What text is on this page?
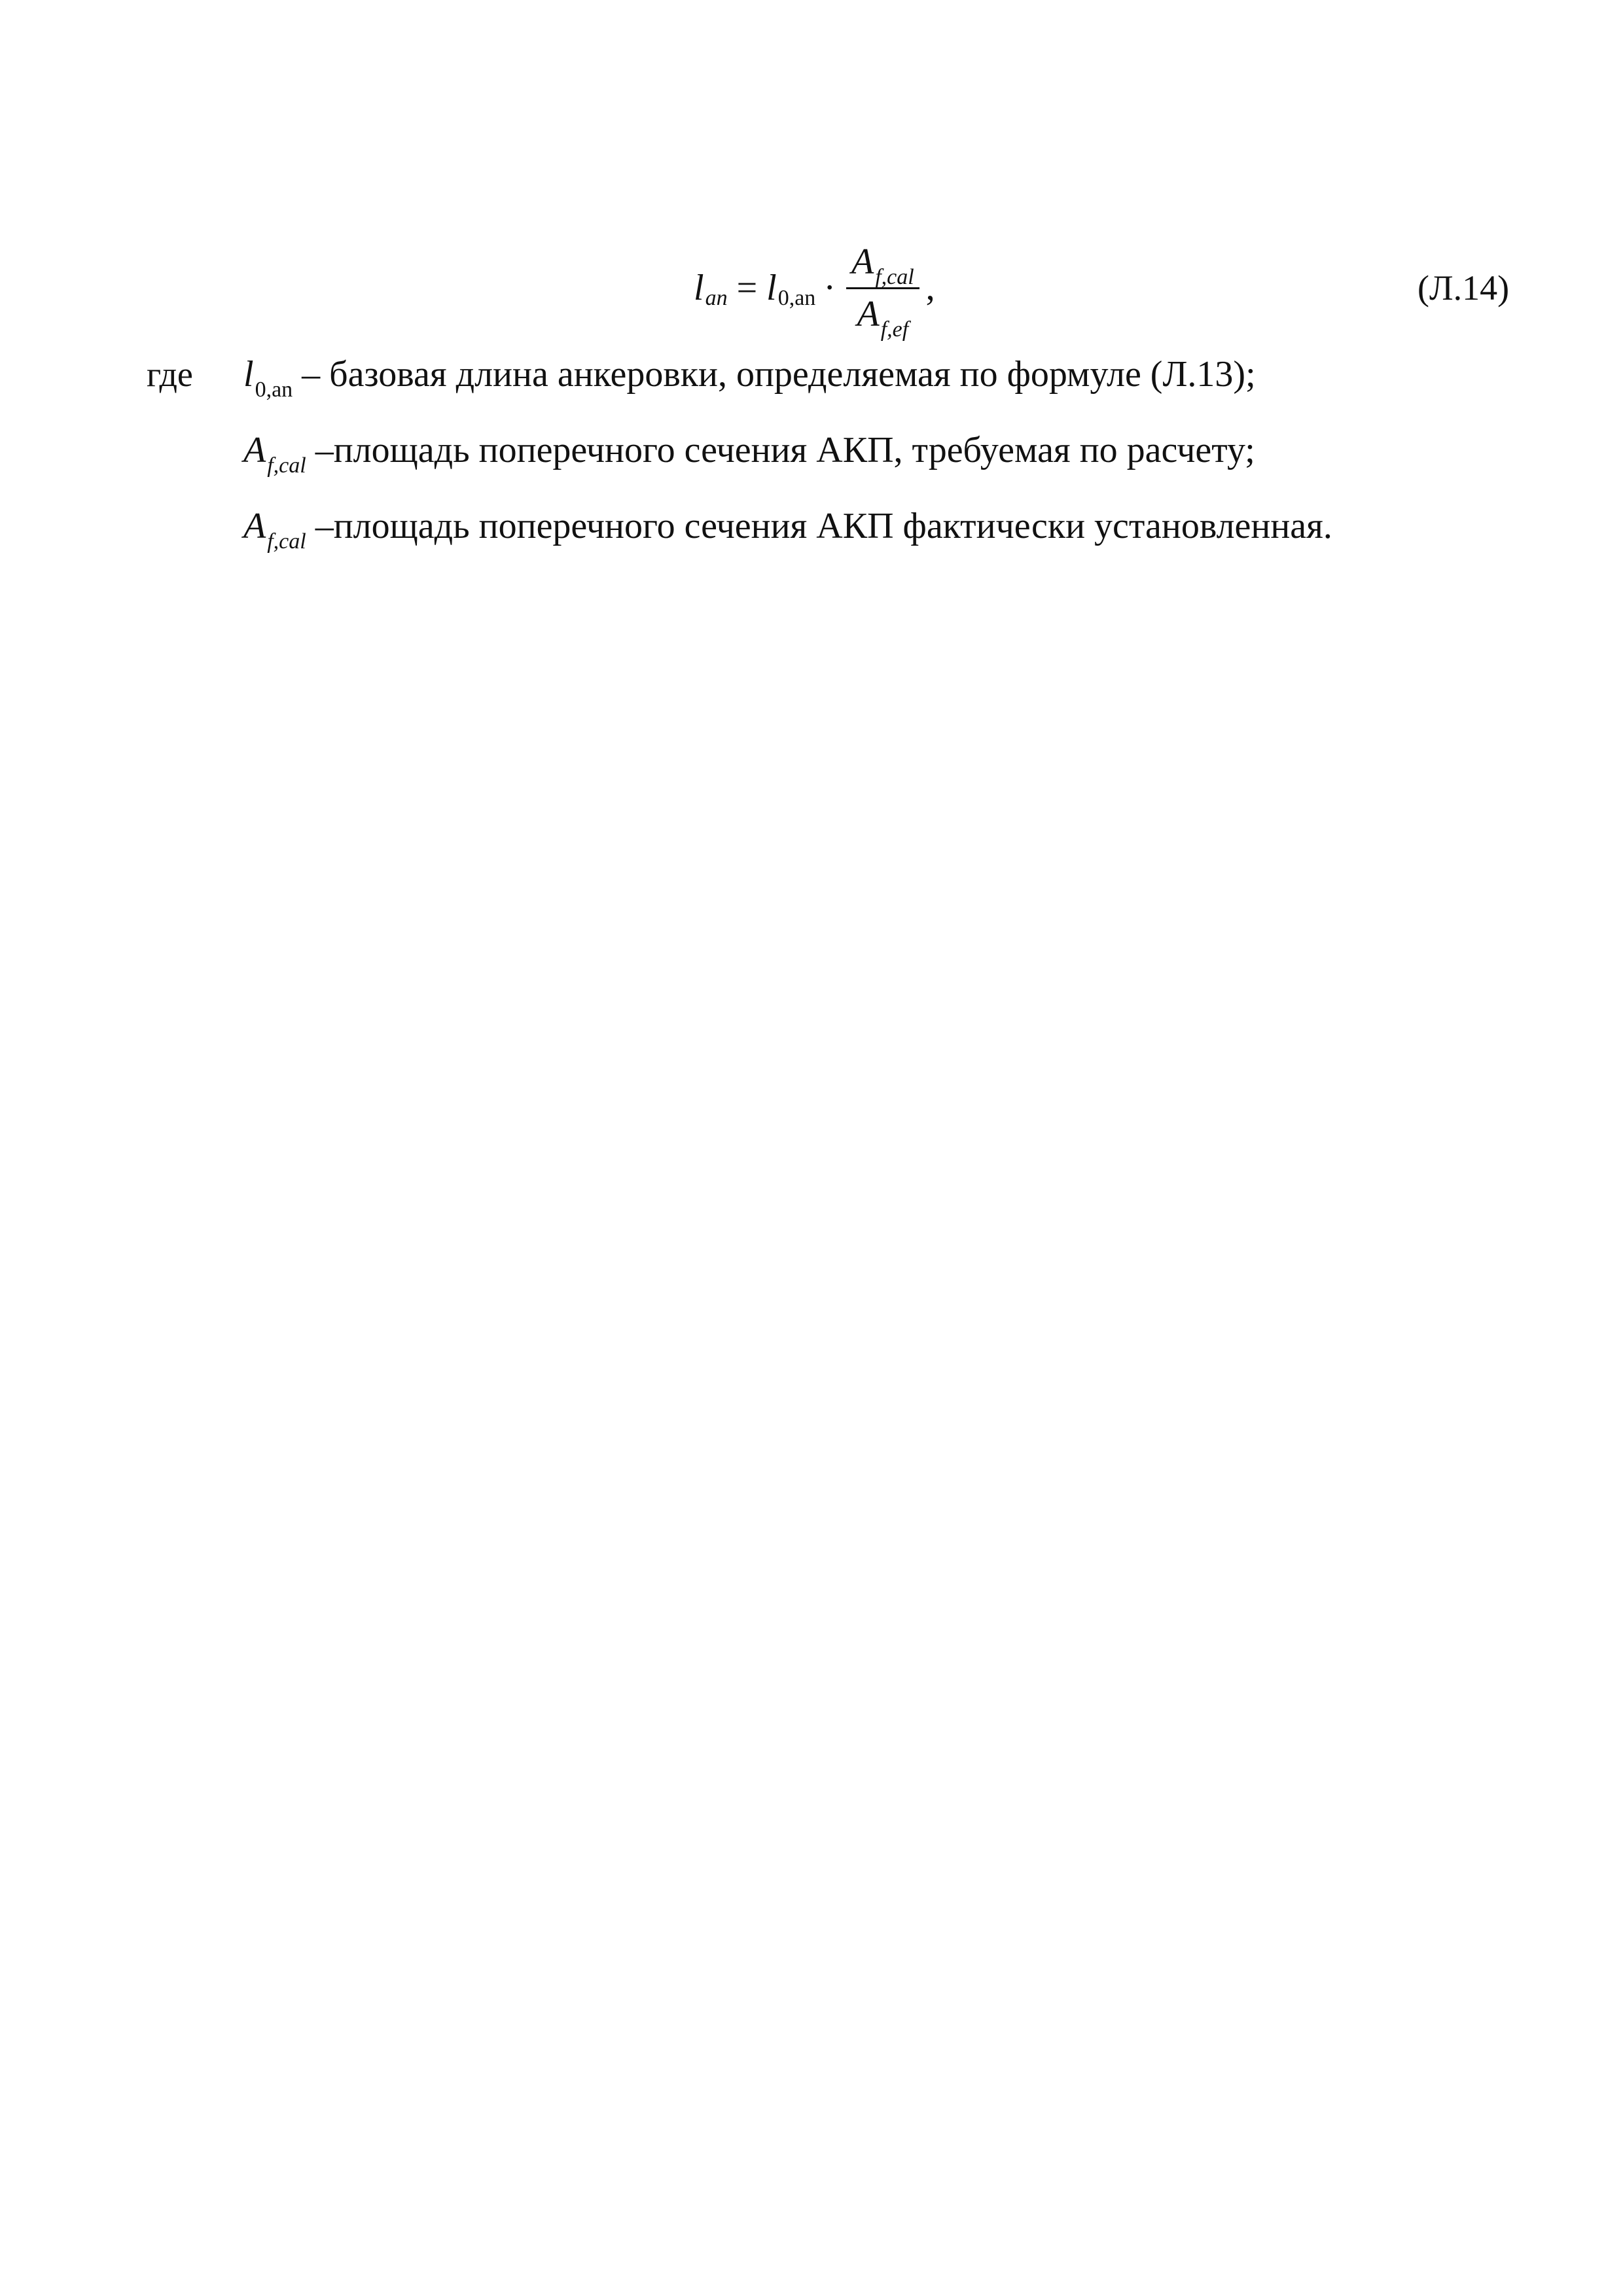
l an = l $0,an \cdot \frac{A_{f,cal}}{A_{f,ef}}$ ,	(Л.14)
где	l 0,an – базовая длина анкеровки, определяемая по формуле (Л.13);
A f,cal –площадь поперечного сечения АКП, требуемая по расчету;
A f,cal –площадь поперечного сечения АКП фактически установленная.
